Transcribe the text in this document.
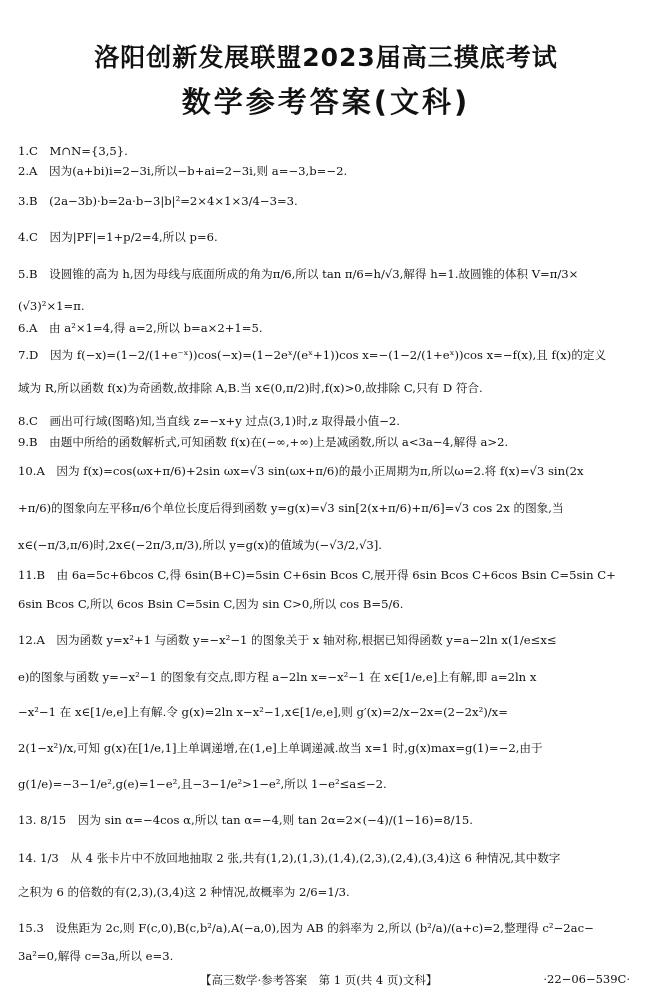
洛阳创新发展联盟2023届高三摸底考试
数学参考答案(文科)
1.C　M∩N={3,5}.
2.A　因为(a+bi)i=2−3i,所以−b+ai=2−3i,则 a=−3,b=−2.
3.B　(2a−3b)·b=2a·b−3|b|²=2×4×1×3/4−3=3.
4.C　因为|PF|=1+p/2=4,所以 p=6.
5.B　设圆锥的高为 h,因为母线与底面所成的角为π/6,所以 tan π/6=h/√3,解得 h=1.故圆锥的体积 V=π/3×
(√3)²×1=π.
6.A　由 a²×1=4,得 a=2,所以 b=a×2+1=5.
7.D　因为 f(−x)=(1−2/(1+e⁻ˣ))cos(−x)=(1−2eˣ/(eˣ+1))cos x=−(1−2/(1+eˣ))cos x=−f(x),且 f(x)的定义
域为 R,所以函数 f(x)为奇函数,故排除 A,B.当 x∈(0,π/2)时,f(x)>0,故排除 C,只有 D 符合.
8.C　画出可行域(图略)知,当直线 z=−x+y 过点(3,1)时,z 取得最小值−2.
9.B　由题中所给的函数解析式,可知函数 f(x)在(−∞,+∞)上是减函数,所以 a<3a−4,解得 a>2.
10.A　因为 f(x)=cos(ωx+π/6)+2sin ωx=√3 sin(ωx+π/6)的最小正周期为π,所以ω=2.将 f(x)=√3 sin(2x
+π/6)的图象向左平移π/6个单位长度后得到函数 y=g(x)=√3 sin[2(x+π/6)+π/6]=√3 cos 2x 的图象,当
x∈(−π/3,π/6)时,2x∈(−2π/3,π/3),所以 y=g(x)的值域为(−√3/2,√3].
11.B　由 6a=5c+6bcos C,得 6sin(B+C)=5sin C+6sin Bcos C,展开得 6sin Bcos C+6cos Bsin C=5sin C+
6sin Bcos C,所以 6cos Bsin C=5sin C,因为 sin C>0,所以 cos B=5/6.
12.A　因为函数 y=x²+1 与函数 y=−x²−1 的图象关于 x 轴对称,根据已知得函数 y=a−2ln x(1/e≤x≤
e)的图象与函数 y=−x²−1 的图象有交点,即方程 a−2ln x=−x²−1 在 x∈[1/e,e]上有解,即 a=2ln x
−x²−1 在 x∈[1/e,e]上有解.令 g(x)=2ln x−x²−1,x∈[1/e,e],则 g′(x)=2/x−2x=(2−2x²)/x=
2(1−x²)/x,可知 g(x)在[1/e,1]上单调递增,在(1,e]上单调递减.故当 x=1 时,g(x)max=g(1)=−2,由于
g(1/e)=−3−1/e²,g(e)=1−e²,且−3−1/e²>1−e²,所以 1−e²≤a≤−2.
13. 8/15　因为 sin α=−4cos α,所以 tan α=−4,则 tan 2α=2×(−4)/(1−16)=8/15.
14. 1/3　从 4 张卡片中不放回地抽取 2 张,共有(1,2),(1,3),(1,4),(2,3),(2,4),(3,4)这 6 种情况,其中数字
之积为 6 的倍数的有(2,3),(3,4)这 2 种情况,故概率为 2/6=1/3.
15.3　设焦距为 2c,则 F(c,0),B(c,b²/a),A(−a,0),因为 AB 的斜率为 2,所以 (b²/a)/(a+c)=2,整理得 c²−2ac−
3a²=0,解得 c=3a,所以 e=3.
【高三数学·参考答案　第 1 页(共 4 页)文科】	·22−06−539C·
